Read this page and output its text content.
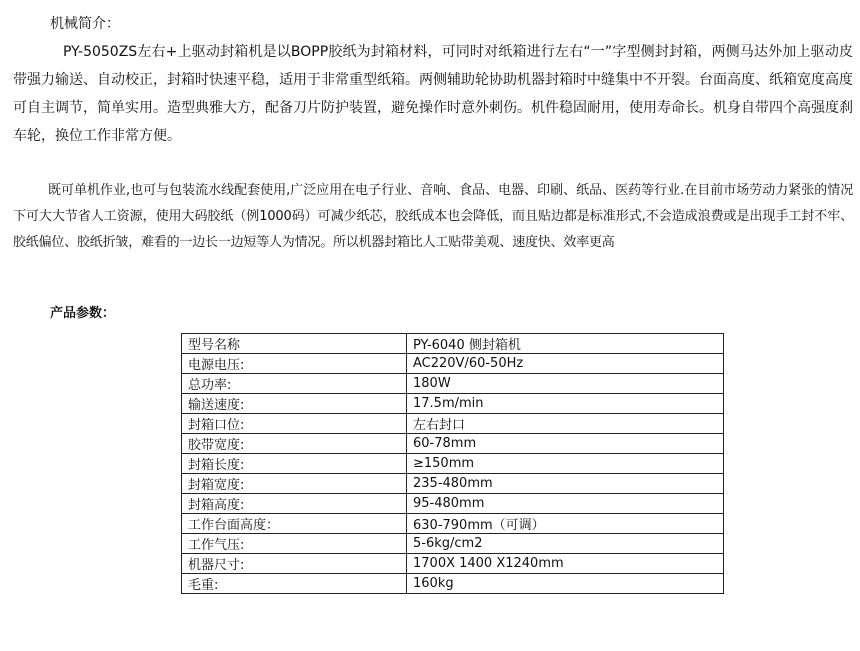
机械简介：

PY-5050ZS左右+上驱动封箱机是以BOPP胶纸为封箱材料，可同时对纸箱进行左右“一”字型侧封封箱，两侧马达外加上驱动皮带强力输送、自动校正，封箱时快速平稳，适用于非常重型纸箱。两侧辅助轮协助机器封箱时中缝集中不开裂。台面高度、纸箱宽度高度可自主调节，简单实用。造型典雅大方，配备刀片防护装置，避免操作时意外刺伤。机件稳固耐用，使用寿命长。机身自带四个高强度刹车轮，换位工作非常方便。

既可单机作业,也可与包装流水线配套使用,广泛应用在电子行业、音响、食品、电器、印刷、纸品、医药等行业.在目前市场劳动力紧张的情况下可大大节省人工资源，使用大码胶纸（例1000码）可减少纸芯，胶纸成本也会降低，而且贴边都是标准形式,不会造成浪费或是出现手工封不牢、胶纸偏位、胶纸折皱，难看的一边长一边短等人为情况。所以机器封箱比人工贴带美观、速度快、效率更高

产品参数：
型号名称	PY-6040 侧封箱机
电源电压:	AC220V/60-50Hz
总功率:	180W
输送速度:	17.5m/min
封箱口位:	左右封口
胶带宽度:	60-78mm
封箱长度:	≥150mm
封箱宽度:	235-480mm
封箱高度:	95-480mm
工作台面高度：	630-790mm（可调）
工作气压:	5-6kg/cm2
机器尺寸:	1700X 1400 X1240mm
毛重:	160kg
